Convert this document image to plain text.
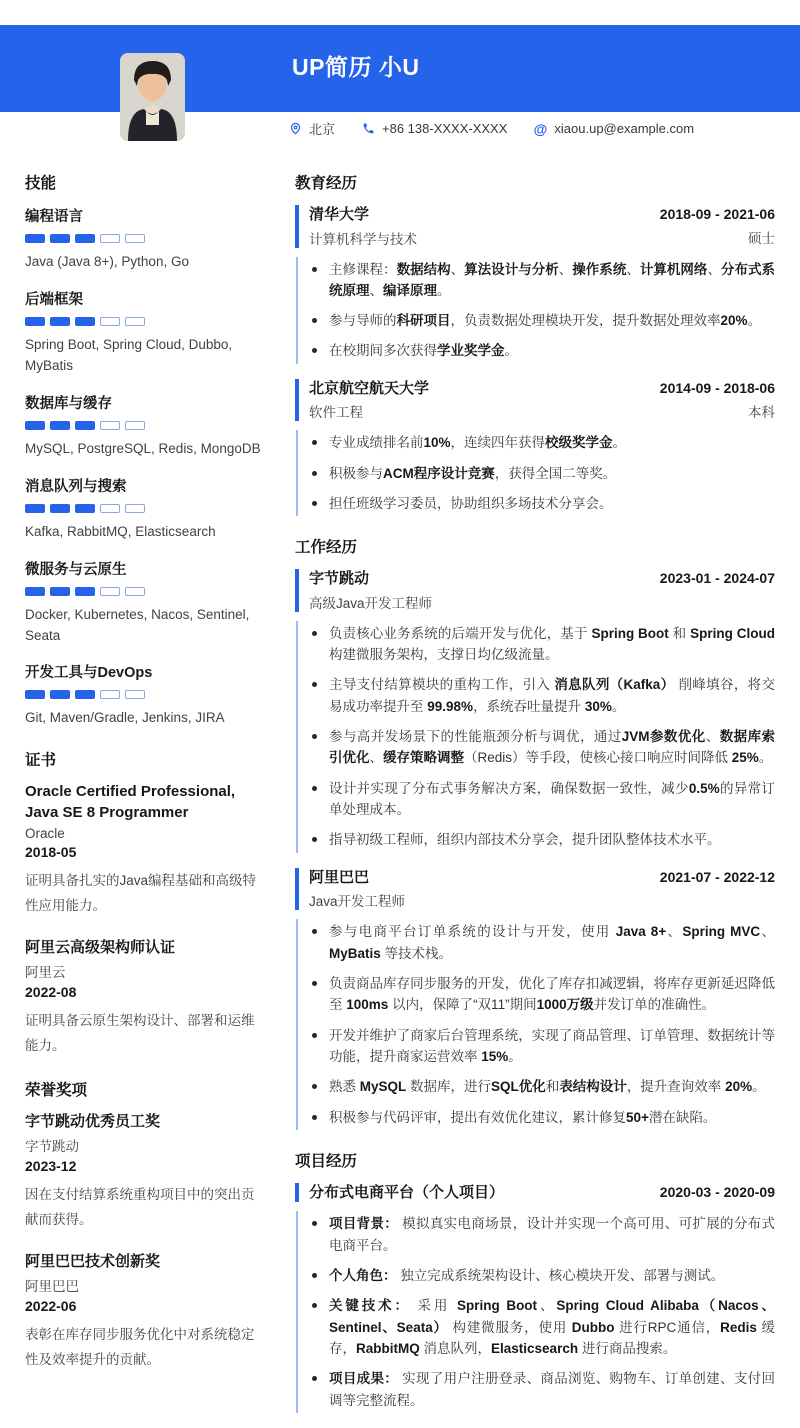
UP简历 小U
北京	+86 138-XXXX-XXXX @ xiaou.up@example.com
技能
编程语言
Java (Java 8+), Python, Go
后端框架
Spring Boot, Spring Cloud, Dubbo, MyBatis
数据库与缓存
MySQL, PostgreSQL, Redis, MongoDB
消息队列与搜索
Kafka, RabbitMQ, Elasticsearch
微服务与云原生
Docker, Kubernetes, Nacos, Sentinel, Seata
开发工具与DevOps
Git, Maven/Gradle, Jenkins, JIRA
证书
Oracle Certified Professional, Java SE 8 Programmer
Oracle
2018-05
证明具备扎实的Java编程基础和高级特性应用能力。
阿里云高级架构师认证
阿里云
2022-08
证明具备云原生架构设计、部署和运维能力。
荣誉奖项
字节跳动优秀员工奖
字节跳动
2023-12
因在支付结算系统重构项目中的突出贡献而获得。
阿里巴巴技术创新奖
阿里巴巴
2022-06
表彰在库存同步服务优化中对系统稳定性及效率提升的贡献。
教育经历
清华大学
计算机科学与技术
2018-09 - 2021-06
硕士
主修课程：数据结构、算法设计与分析、操作系统、计算机网络、分布式系统原理、编译原理。
参与导师的科研项目，负责数据处理模块开发，提升数据处理效率20%。
在校期间多次获得学业奖学金。
北京航空航天大学
软件工程
2014-09 - 2018-06
本科
专业成绩排名前10%，连续四年获得校级奖学金。
积极参与ACM程序设计竞赛，获得全国二等奖。
担任班级学习委员，协助组织多场技术分享会。
工作经历
字节跳动
高级Java开发工程师
2023-01 - 2024-07
负责核心业务系统的后端开发与优化，基于 Spring Boot 和 Spring Cloud 构建微服务架构，支撑日均亿级流量。
主导支付结算模块的重构工作，引入 消息队列（Kafka） 削峰填谷，将交易成功率提升至 99.98%，系统吞吐量提升 30%。
参与高并发场景下的性能瓶颈分析与调优，通过JVM参数优化、数据库索引优化、缓存策略调整（Redis）等手段，使核心接口响应时间降低 25%。
设计并实现了分布式事务解决方案，确保数据一致性，减少0.5%的异常订单处理成本。
指导初级工程师，组织内部技术分享会，提升团队整体技术水平。
阿里巴巴
Java开发工程师
2021-07 - 2022-12
参与电商平台订单系统的设计与开发，使用 Java 8+、Spring MVC、MyBatis 等技术栈。
负责商品库存同步服务的开发，优化了库存扣减逻辑，将库存更新延迟降低至 100ms 以内，保障了“双11”期间1000万级并发订单的准确性。
开发并维护了商家后台管理系统，实现了商品管理、订单管理、数据统计等功能，提升商家运营效率 15%。
熟悉 MySQL 数据库，进行SQL优化和表结构设计，提升查询效率 20%。
积极参与代码评审，提出有效优化建议，累计修复50+潜在缺陷。
项目经历
分布式电商平台（个人项目）	2020-03 - 2020-09
项目背景： 模拟真实电商场景，设计并实现一个高可用、可扩展的分布式电商平台。
个人角色： 独立完成系统架构设计、核心模块开发、部署与测试。
关键技术： 采用 Spring Boot、Spring Cloud Alibaba（Nacos、Sentinel、Seata） 构建微服务，使用 Dubbo 进行RPC通信，Redis 缓存，RabbitMQ 消息队列，Elasticsearch 进行商品搜索。
项目成果： 实现了用户注册登录、商品浏览、购物车、订单创建、支付回调等完整流程。
